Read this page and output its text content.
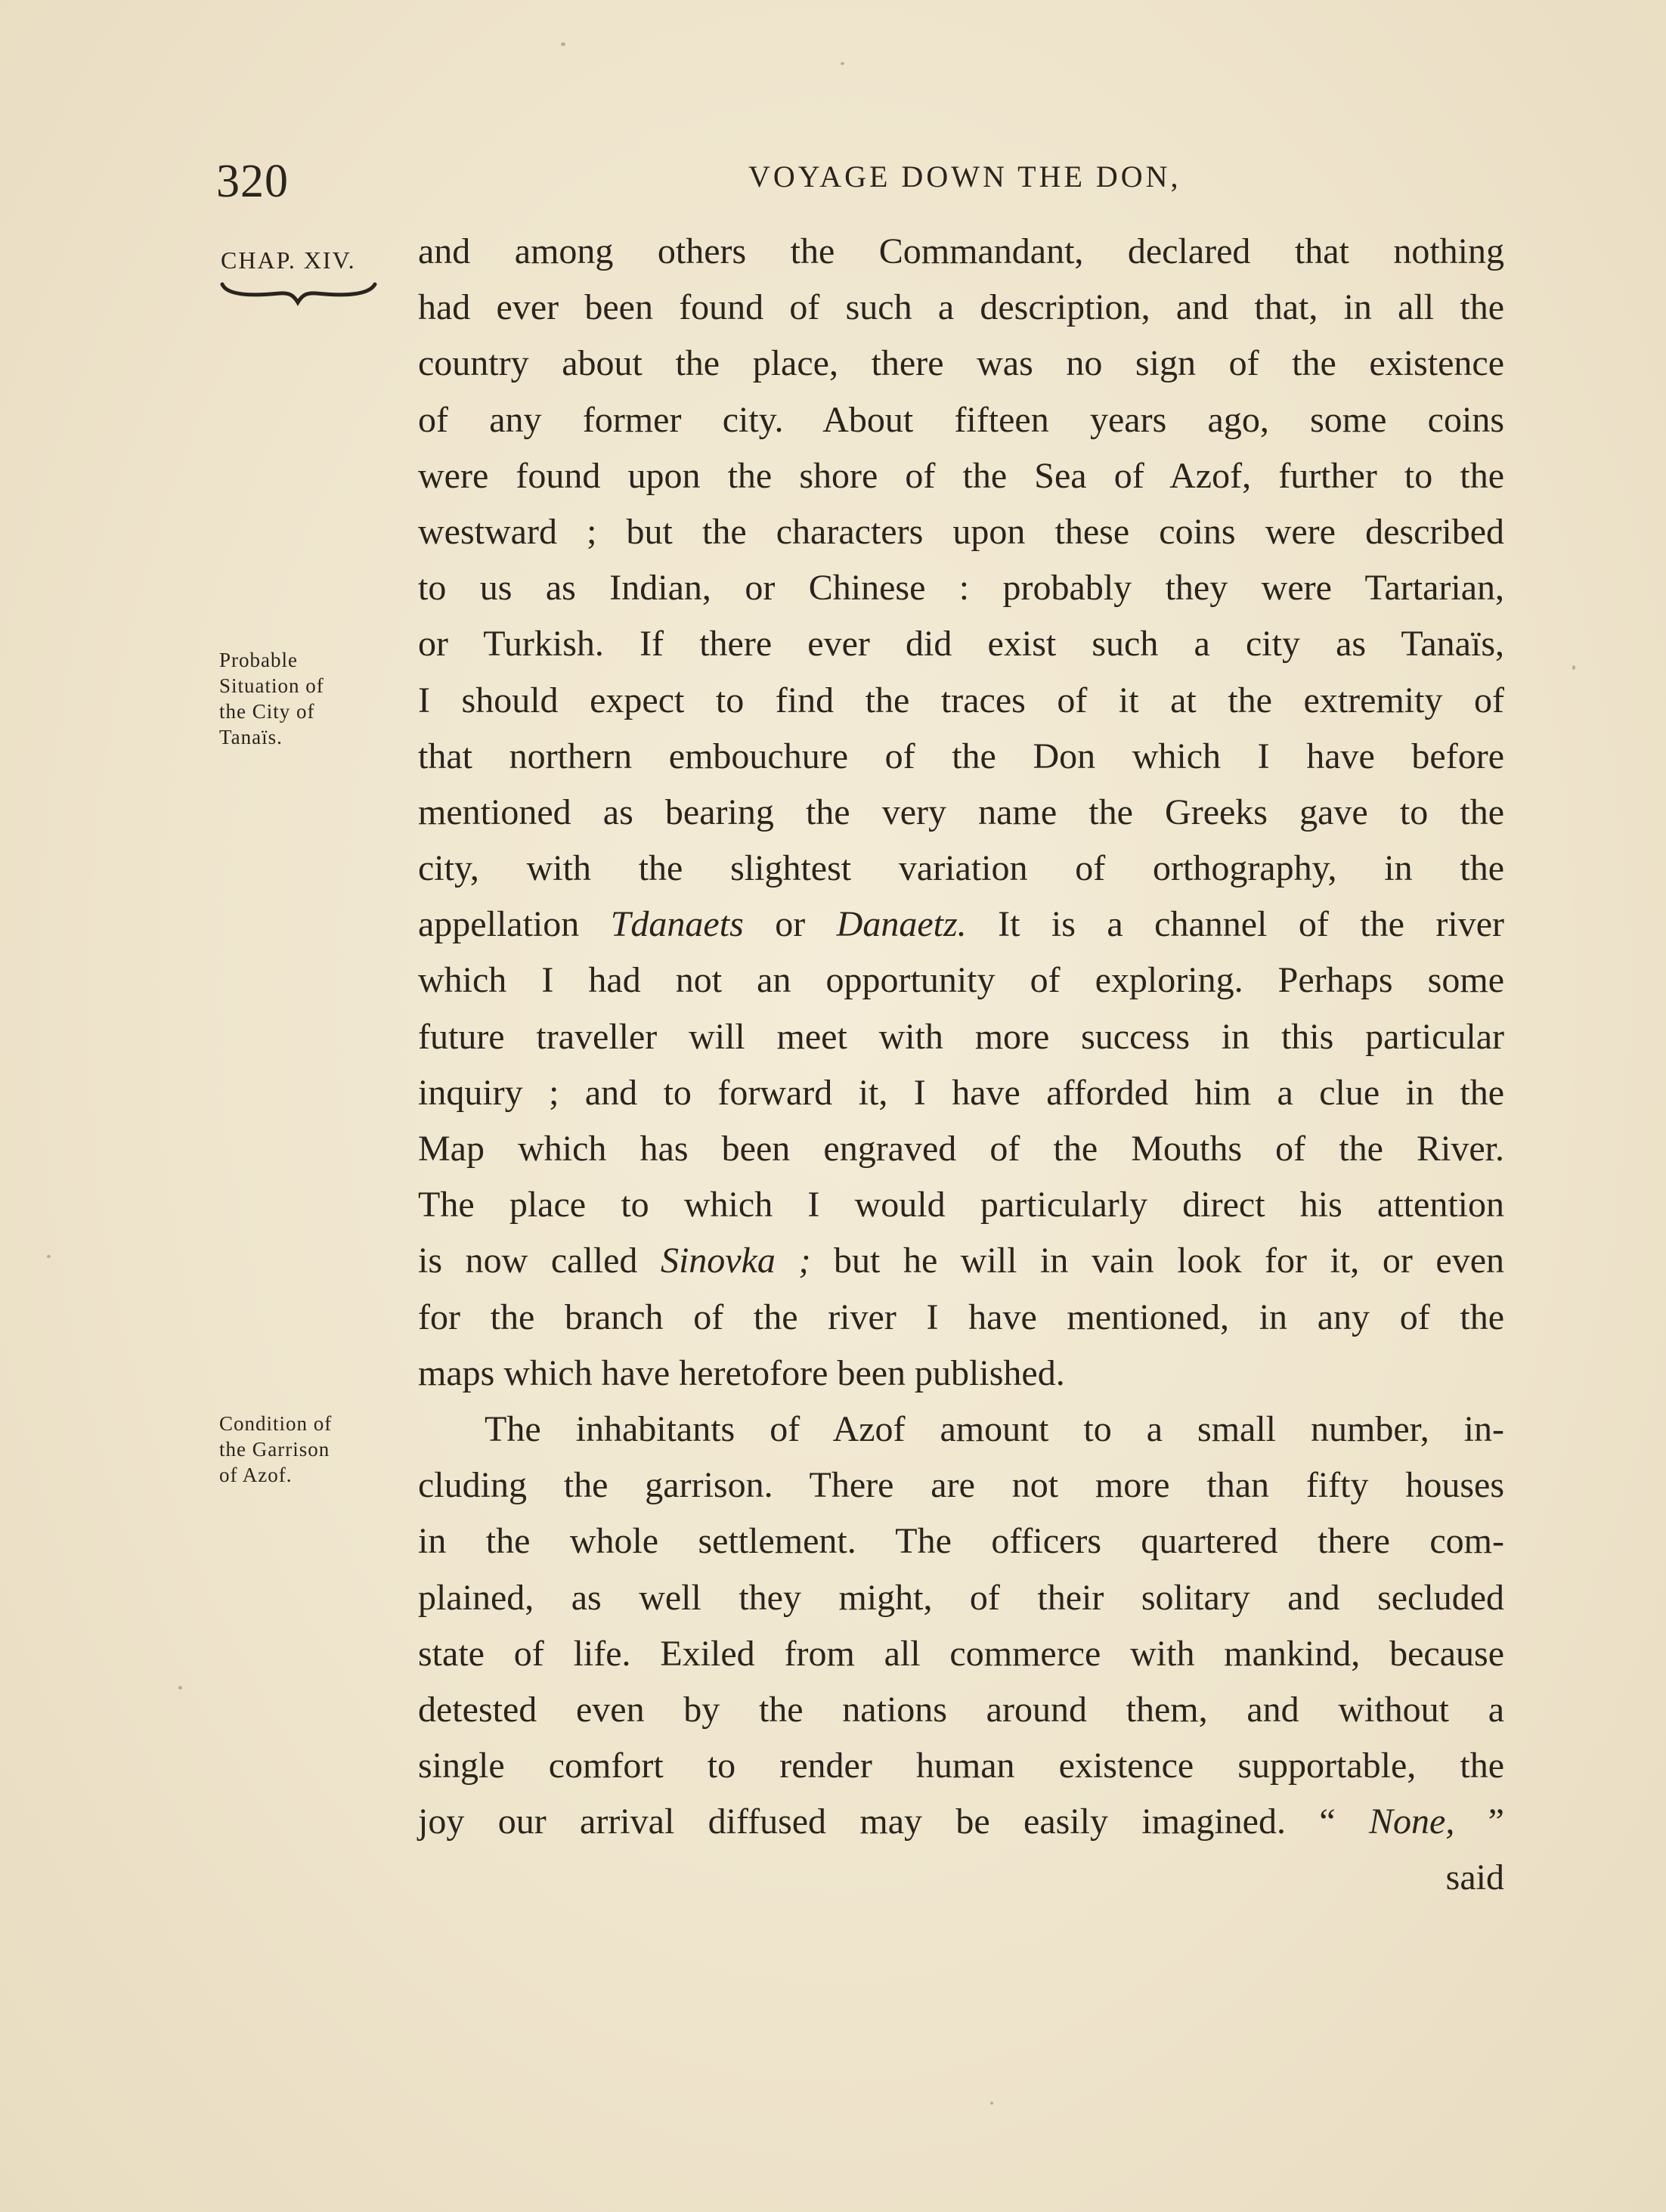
320	VOYAGE DOWN THE DON,
CHAP. XIV.
Probable
Situation of
the City of
Tanaïs.
Condition of
the Garrison
of Azof.
and among others the Commandant, declared that nothing
had ever been found of such a description, and that, in all the
country about the place, there was no sign of the existence
of any former city. About fifteen years ago, some coins
were found upon the shore of the Sea of Azof, further to the
westward ; but the characters upon these coins were described
to us as Indian, or Chinese : probably they were Tartarian,
or Turkish. If there ever did exist such a city as Tanaïs,
I should expect to find the traces of it at the extremity of
that northern embouchure of the Don which I have before
mentioned as bearing the very name the Greeks gave to the
city, with the slightest variation of orthography, in the
appellation Tdanaets or Danaetz. It is a channel of the river
which I had not an opportunity of exploring. Perhaps some
future traveller will meet with more success in this particular
inquiry ; and to forward it, I have afforded him a clue in the
Map which has been engraved of the Mouths of the River.
The place to which I would particularly direct his attention
is now called Sinovka ; but he will in vain look for it, or even
for the branch of the river I have mentioned, in any of the
maps which have heretofore been published.
The inhabitants of Azof amount to a small number, in-
cluding the garrison. There are not more than fifty houses
in the whole settlement. The officers quartered there com-
plained, as well they might, of their solitary and secluded
state of life. Exiled from all commerce with mankind, because
detested even by the nations around them, and without a
single comfort to render human existence supportable, the
joy our arrival diffused may be easily imagined. “ None, ”
said
